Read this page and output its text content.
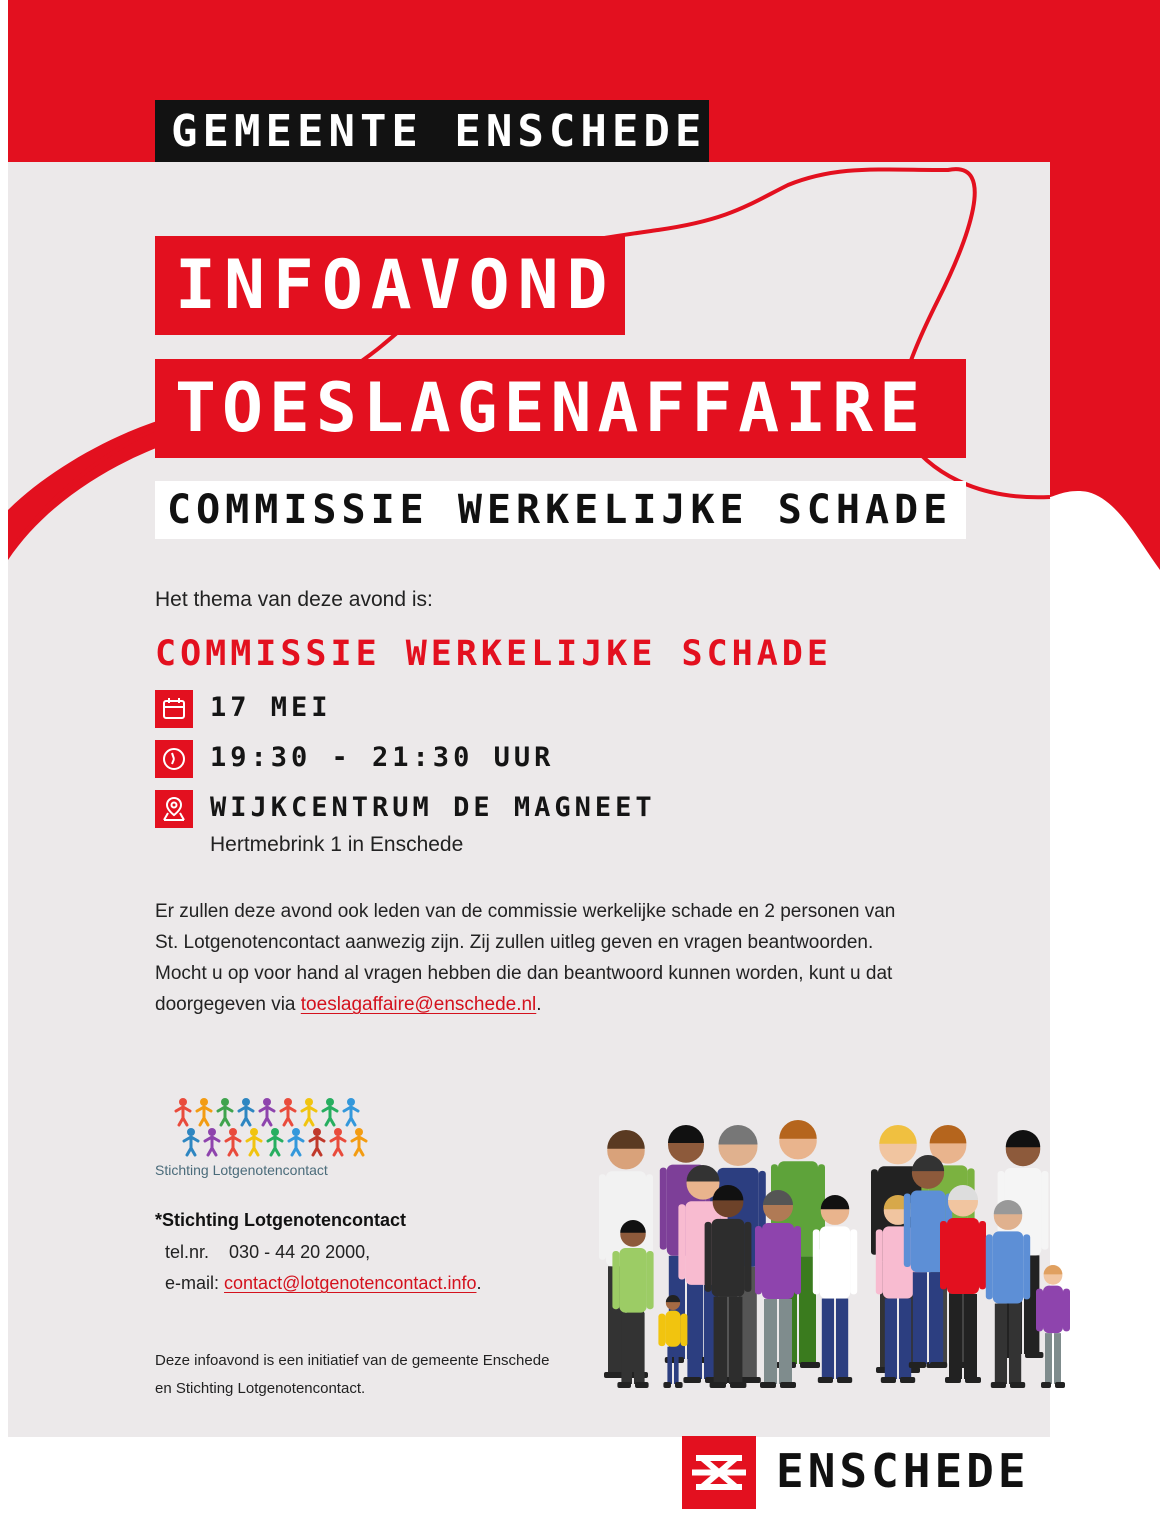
GEMEENTE ENSCHEDE
INFOAVOND
TOESLAGENAFFAIRE
COMMISSIE WERKELIJKE SCHADE
Het thema van deze avond is:
COMMISSIE WERKELIJKE SCHADE
17 MEI
19:30 - 21:30 UUR
WIJKCENTRUM DE MAGNEET
Hertmebrink 1 in Enschede
Er zullen deze avond ook leden van de commissie werkelijke schade en 2 personen van
St. Lotgenotencontact aanwezig zijn. Zij zullen uitleg geven en vragen beantwoorden.
Mocht u op voor hand al vragen hebben die dan beantwoord kunnen worden, kunt u dat
doorgegeven via toeslagaffaire@enschede.nl.
Stichting Lotgenotencontact
*Stichting Lotgenotencontact
tel.nr. 030 - 44 20 2000,
e-mail: contact@lotgenotencontact.info.
Deze infoavond is een initiatief van de gemeente Enschede
en Stichting Lotgenotencontact.
ENSCHEDE
